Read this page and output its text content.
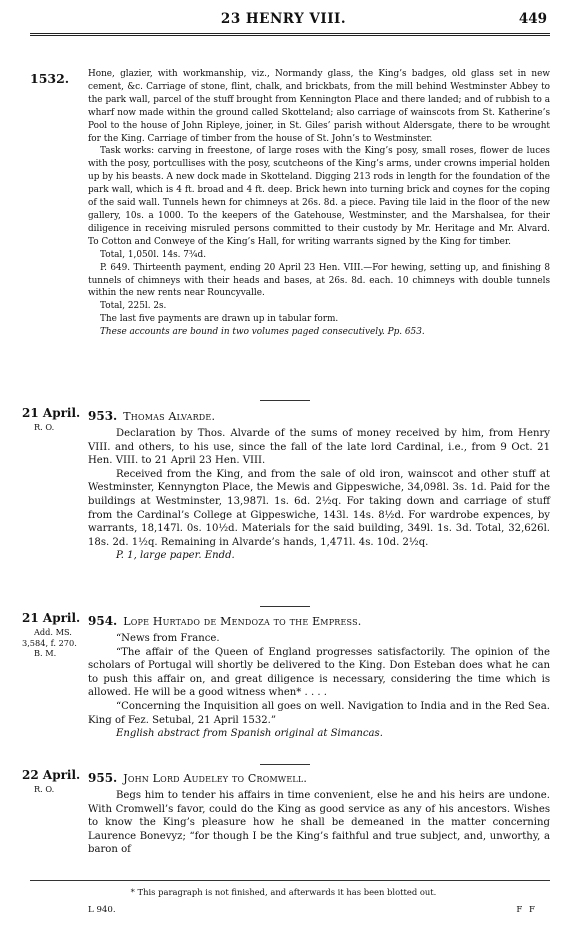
23 HENRY VIII.	449
1532. Hone, glazier, with workmanship, viz., Normandy glass, the King’s badges, old glass set in new cement, &c. Carriage of stone, flint, chalk, and brickbats, from the mill behind Westminster Abbey to the park wall, parcel of the stuff brought from Kennington Place and there landed; and of rubbish to a wharf now made within the ground called Skotteland; also carriage of wainscots from St. Katherine’s Pool to the house of John Ripleye, joiner, in St. Giles’ parish without Aldersgate, there to be wrought for the King. Carriage of timber from the house of St. John’s to Westminster.

Task works: carving in freestone, of large roses with the King’s posy, small roses, flower de luces with the posy, portcullises with the posy, scutcheons of the King’s arms, under crowns imperial holden up by his beasts. A new dock made in Skotteland. Digging 213 rods in length for the foundation of the park wall, which is 4 ft. broad and 4 ft. deep. Brick hewn into turning brick and coynes for the coping of the said wall. Tunnels hewn for chimneys at 26s. 8d. a piece. Paving tile laid in the floor of the new gallery, 10s. a 1000. To the keepers of the Gatehouse, Westminster, and the Marshalsea, for their diligence in receiving misruled persons committed to their custody by Mr. Heritage and Mr. Alvard. To Cotton and Conweye of the King’s Hall, for writing warrants signed by the King for timber.

Total, 1,050l. 14s. 7¾d.

P. 649. Thirteenth payment, ending 20 April 23 Hen. VIII.—For hewing, setting up, and finishing 8 tunnels of chimneys with their heads and bases, at 26s. 8d. each. 10 chimneys with double tunnels within the new rents near Rouncyvalle.

Total, 225l. 2s.

The last five payments are drawn up in tabular form.

These accounts are bound in two volumes paged consecutively. Pp. 653.

21 April.
R. O.
953. Thomas Alvarde.

Declaration by Thos. Alvarde of the sums of money received by him, from Henry VIII. and others, to his use, since the fall of the late lord Cardinal, i.e., from 9 Oct. 21 Hen. VIII. to 21 April 23 Hen. VIII.

Received from the King, and from the sale of old iron, wainscot and other stuff at Westminster, Kennyngton Place, the Mewis and Gippeswiche, 34,098l. 3s. 1d. Paid for the buildings at Westminster, 13,987l. 1s. 6d. 2½q. For taking down and carriage of stuff from the Cardinal’s College at Gippeswiche, 143l. 14s. 8½d. For wardrobe expences, by warrants, 18,147l. 0s. 10½d. Materials for the said building, 349l. 1s. 3d. Total, 32,626l. 18s. 2d. 1½q. Remaining in Alvarde’s hands, 1,471l. 4s. 10d. 2½q.

P. 1, large paper. Endd.

21 April.
Add. MS.
3,584, f. 270.
B. M.
954. Lope Hurtado de Mendoza to the Empress.

“News from France.

“The affair of the Queen of England progresses satisfactorily. The opinion of the scholars of Portugal will shortly be delivered to the King. Don Esteban does what he can to push this affair on, and great diligence is necessary, considering the time which is allowed. He will be a good witness when* . . . .

“Concerning the Inquisition all goes on well. Navigation to India and in the Red Sea. King of Fez. Setubal, 21 April 1532.”

English abstract from Spanish original at Simancas.

22 April.
R. O.
955. John Lord Audeley to Cromwell.

Begs him to tender his affairs in time convenient, else he and his heirs are undone. With Cromwell’s favor, could do the King as good service as any of his ancestors. Wishes to know the King’s pleasure how he shall be demeaned in the matter concerning Laurence Bonevyz; “for though I be the King’s faithful and true subject, and, unworthy, a baron of

* This paragraph is not finished, and afterwards it has been blotted out.
L 940.	F F
